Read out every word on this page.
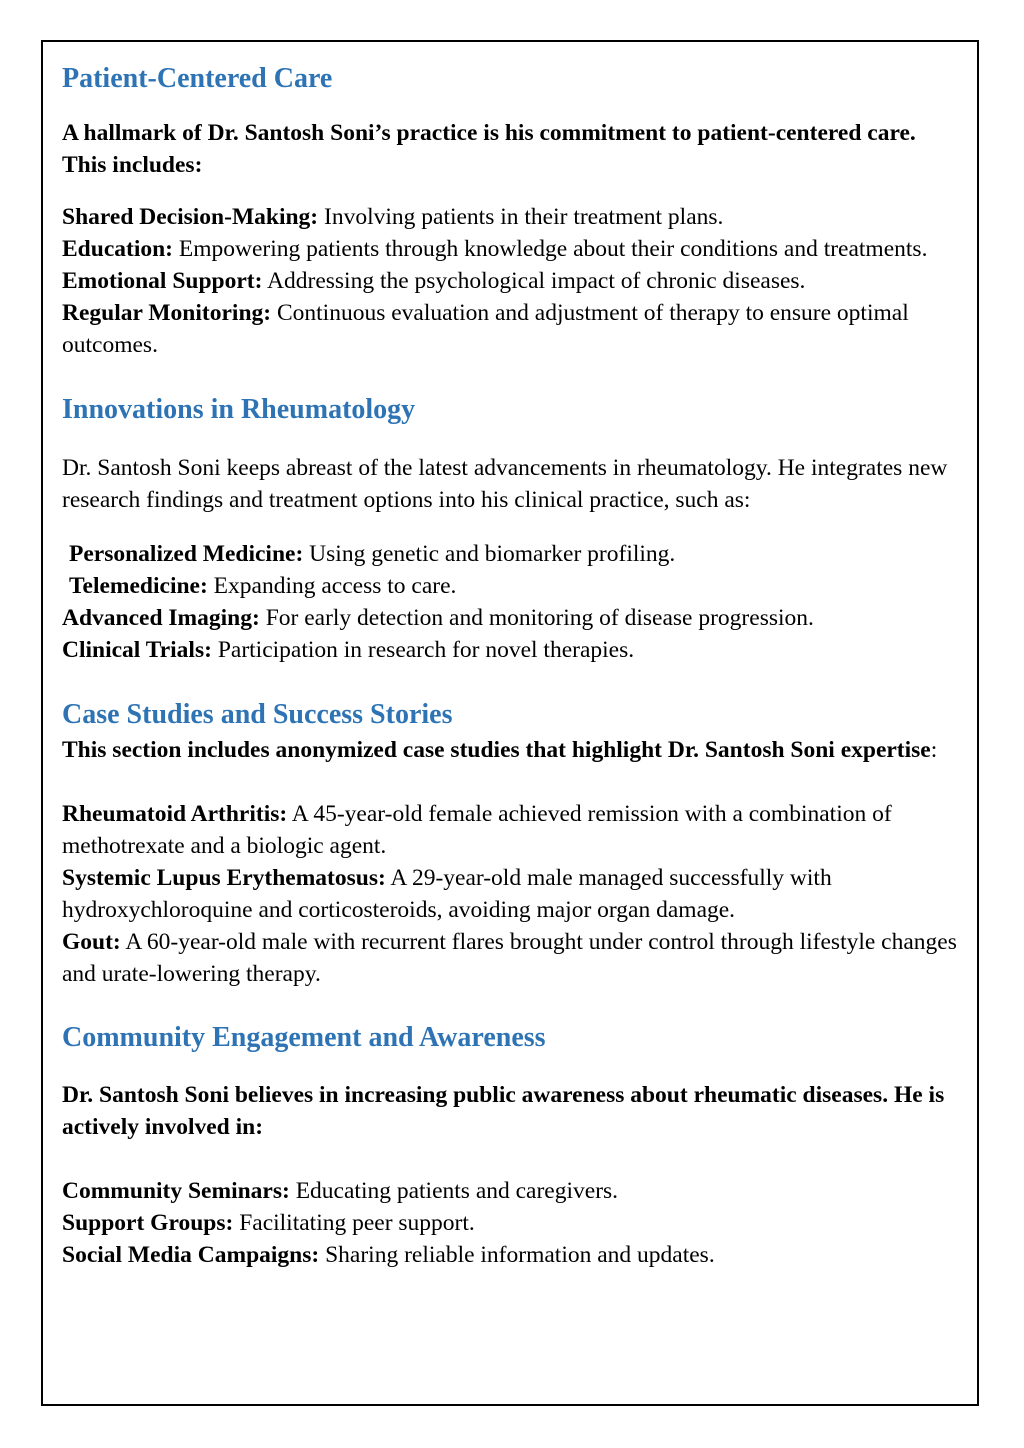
Patient-Centered Care

A hallmark of Dr. Santosh Soni’s practice is his commitment to patient-centered care. This includes:

Shared Decision-Making: Involving patients in their treatment plans.

Education: Empowering patients through knowledge about their conditions and treatments.

Emotional Support: Addressing the psychological impact of chronic diseases.

Regular Monitoring: Continuous evaluation and adjustment of therapy to ensure optimal outcomes.

Innovations in Rheumatology

Dr. Santosh Soni keeps abreast of the latest advancements in rheumatology. He integrates new research findings and treatment options into his clinical practice, such as:

Personalized Medicine: Using genetic and biomarker profiling.

Telemedicine: Expanding access to care.

Advanced Imaging: For early detection and monitoring of disease progression.

Clinical Trials: Participation in research for novel therapies.

Case Studies and Success Stories

This section includes anonymized case studies that highlight Dr. Santosh Soni expertise:

Rheumatoid Arthritis: A 45-year-old female achieved remission with a combination of methotrexate and a biologic agent.

Systemic Lupus Erythematosus: A 29-year-old male managed successfully with hydroxychloroquine and corticosteroids, avoiding major organ damage.

Gout: A 60-year-old male with recurrent flares brought under control through lifestyle changes and urate-lowering therapy.

Community Engagement and Awareness

Dr. Santosh Soni believes in increasing public awareness about rheumatic diseases. He is actively involved in:

Community Seminars: Educating patients and caregivers.

Support Groups: Facilitating peer support.

Social Media Campaigns: Sharing reliable information and updates.
